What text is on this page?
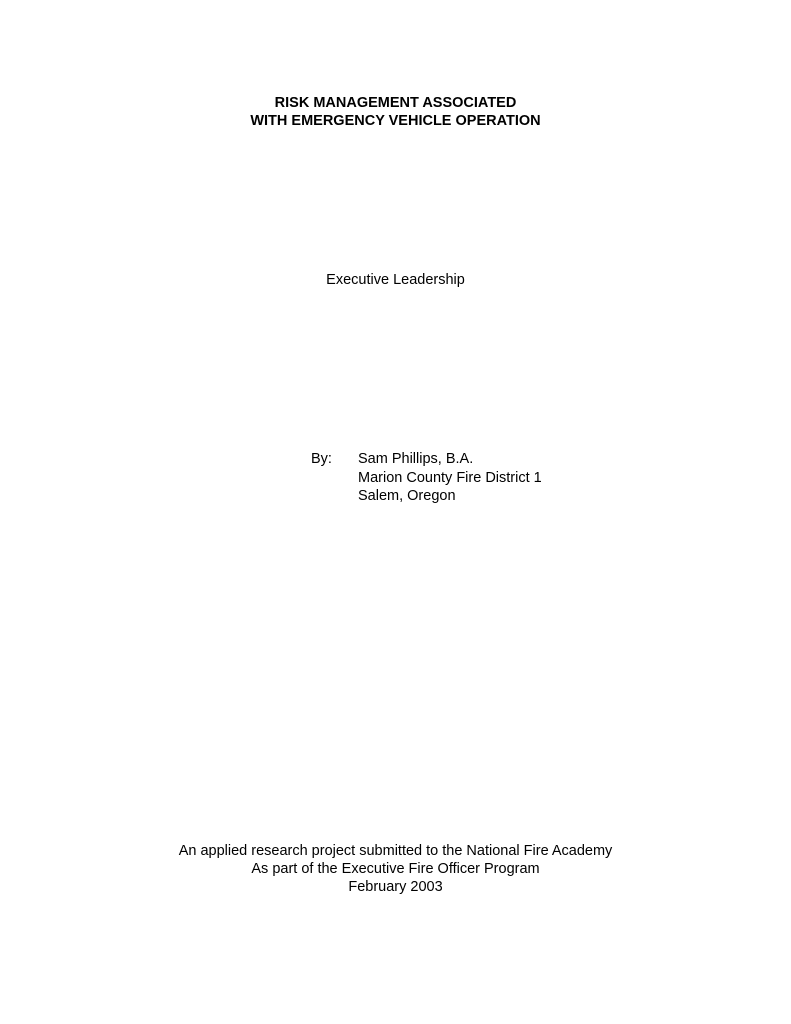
RISK MANAGEMENT ASSOCIATED
WITH EMERGENCY VEHICLE OPERATION
Executive Leadership
By: Sam Phillips, B.A.
Marion County Fire District 1
Salem, Oregon
An applied research project submitted to the National Fire Academy
As part of the Executive Fire Officer Program
February 2003
